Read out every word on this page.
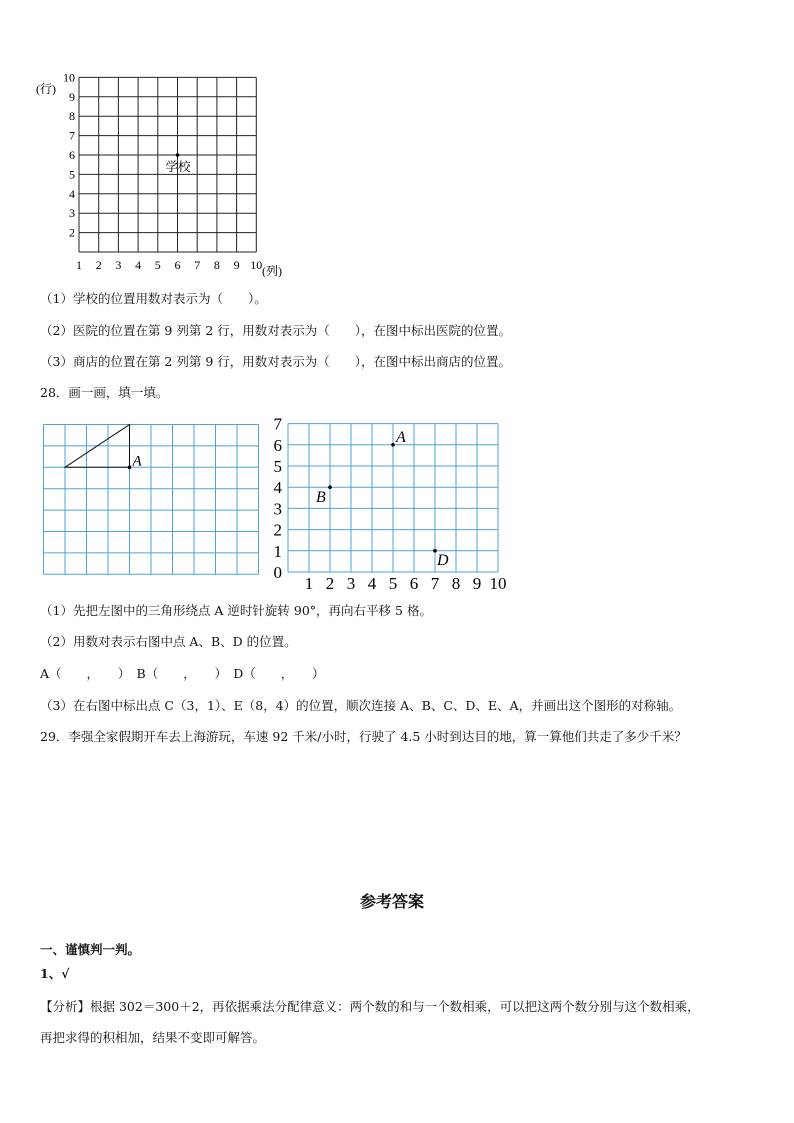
(行)
10
9
8
7
6
5
4
3
2
1 2 3 4 5 6 7 8 9 10 (列)
学校
（1）学校的位置用数对表示为（　　）。
（2）医院的位置在第 9 列第 2 行，用数对表示为（　　），在图中标出医院的位置。
（3）商店的位置在第 2 列第 9 行，用数对表示为（　　），在图中标出商店的位置。
28．画一画，填一填。
A
0
1
2
3
4
5
6
7
1 2 3 4 5 6 7 8 9 10
A
B
D
（1）先把左图中的三角形绕点 A 逆时针旋转 90°，再向右平移 5 格。
（2）用数对表示右图中点 A、B、D 的位置。
A（　　，　　）　B（　　，　　）　D（　　，　　）
（3）在右图中标出点 C（3，1）、E（8，4）的位置，顺次连接 A、B、C、D、E、A，并画出这个图形的对称轴。
29．李强全家假期开车去上海游玩，车速 92 千米/小时，行驶了 4.5 小时到达目的地，算一算他们共走了多少千米？
参考答案
一、谨慎判一判。
1、√
【分析】根据 302＝300＋2，再依据乘法分配律意义：两个数的和与一个数相乘，可以把这两个数分别与这个数相乘，
再把求得的积相加，结果不变即可解答。
